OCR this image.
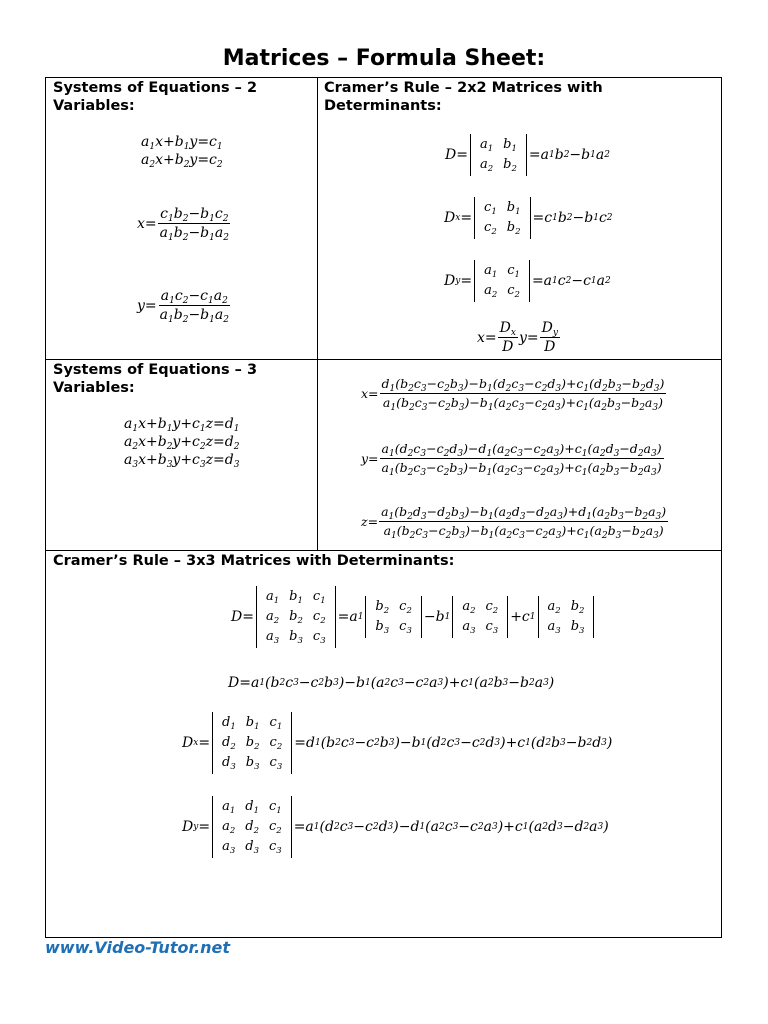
Matrices – Formula Sheet:
Systems of Equations – 2
Variables:
$a_1x+b_1y=c_1$
$a_2x+b_2y=c_2$
$x= \frac{c_1b_2-b_1c_2}{a_1b_2-b_1a_2}$
$y= \frac{a_1c_2-c_1a_2}{a_1b_2-b_1a_2}$
Cramer’s Rule – 2x2 Matrices with
Determinants:
D=
$a_1$	$b_1$
$a_2$	$b_2$
=a 1 b 2 −b 1 a 2
D x =
$c_1$	$b_1$
$c_2$	$b_2$
=c 1 b 2 −b 1 c 2
D y =
$a_1$	$c_1$
$a_2$	$c_2$
=a 1 c 2 −c 1 a 2
$x= \frac{D_x}{D} y= \frac{D_y}{D}$
Systems of Equations – 3
Variables:
$a_1x+b_1y+c_1z=d_1$
$a_2x+b_2y+c_2z=d_2$
$a_3x+b_3y+c_3z=d_3$
$x= \frac{d_1(b_2c_3-c_2b_3)-b_1(d_2c_3-c_2d_3)+c_1(d_2b_3-b_2d_3)}{a_1(b_2c_3-c_2b_3)-b_1(a_2c_3-c_2a_3)+c_1(a_2b_3-b_2a_3)}$
$y= \frac{a_1(d_2c_3-c_2d_3)-d_1(a_2c_3-c_2a_3)+c_1(a_2d_3-d_2a_3)}{a_1(b_2c_3-c_2b_3)-b_1(a_2c_3-c_2a_3)+c_1(a_2b_3-b_2a_3)}$
$z= \frac{a_1(b_2d_3-d_2b_3)-b_1(a_2d_3-d_2a_3)+d_1(a_2b_3-b_2a_3)}{a_1(b_2c_3-c_2b_3)-b_1(a_2c_3-c_2a_3)+c_1(a_2b_3-b_2a_3)}$
Cramer’s Rule – 3x3 Matrices with Determinants:
D=
$a_1$	$b_1$	$c_1$
$a_2$	$b_2$	$c_2$
$a_3$	$b_3$	$c_3$
=a 1
$b_2$	$c_2$
$b_3$	$c_3$
−b 1
$a_2$	$c_2$
$a_3$	$c_3$
+c 1
$a_2$	$b_2$
$a_3$	$b_3$
D=a 1 (b 2 c 3 −c 2 b 3 )−b 1 (a 2 c 3 −c 2 a 3 )+c 1 (a 2 b 3 −b 2 a 3 )
D x =
$d_1$	$b_1$	$c_1$
$d_2$	$b_2$	$c_2$
$d_3$	$b_3$	$c_3$
=d 1 (b 2 c 3 −c 2 b 3 )−b 1 (d 2 c 3 −c 2 d 3 )+c 1 (d 2 b 3 −b 2 d 3 )
D y =
$a_1$	$d_1$	$c_1$
$a_2$	$d_2$	$c_2$
$a_3$	$d_3$	$c_3$
=a 1 (d 2 c 3 −c 2 d 3 )−d 1 (a 2 c 3 −c 2 a 3 )+c 1 (a 2 d 3 −d 2 a 3 )
www.Video-Tutor.net
